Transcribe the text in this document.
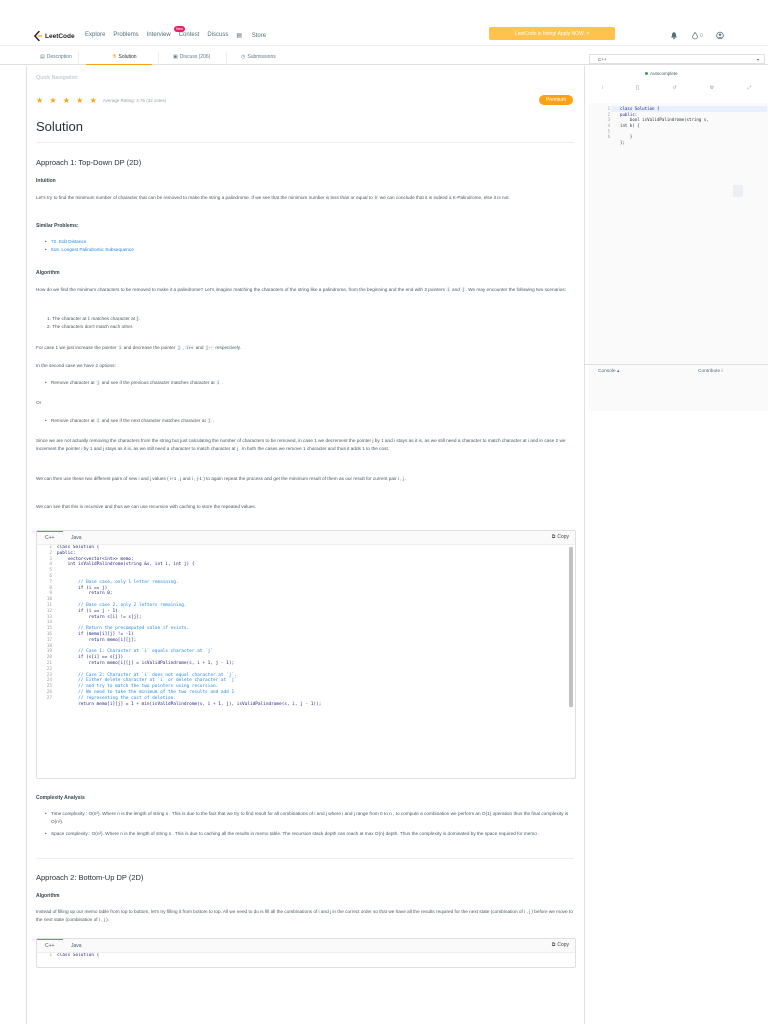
LeetCode Explore Problems Interview Contest Discuss ▤ Store
New
LeetCode is hiring! Apply NOW.
×	0
▤ Description	⚗ Solution	▣ Discuss (206)	◷ Submissions
Quick Navigation
★ ★ ★ ★ ★ Average Rating: 4.76 (32 votes)	Premium
Solution
Approach 1: Top-Down DP (2D)
Intuition
Let's try to find the minimum number of character that can be removed to make the string a palindrome. If we see that the minimum number is less than or equal to k we can conclude that it is indeed a K-Palindrome, else it is not.
Similar Problems:
• 72. Edit Distance
• 516. Longest Palindromic Subsequence
Algorithm
How do we find the minimum characters to be removed to make it a palindrome? Let's imagine matching the characters of the string like a palindrome, from the beginning and the end with 2 pointers i and j. We may encounter the following two scenarios:
1. The character at i matches character at j.
2. The characters don't match each other.
For case 1 we just increase the pointer i and decrease the pointer j , i++ and j-- respectively.
In the second case we have 2 options:
• Remove character at j and see if the previous character matches character at i .
Or
• Remove character at i and see if the next character matches character at j .
Since we are not actually removing the characters from the string but just calculating the number of characters to be removed, in case 1 we decrement the pointer j by 1 and i stays as it is, as we still need a character to match character at i and in case 2 we increment the pointer i by 1 and j stays as it is, as we still need a character to match character at j . In both the cases we remove 1 character and thus it adds 1 to the cost.
We can then use these two different pairs of new i and j values ( i+1 , j and i , j-1 ) to again repeat the process and get the minimum result of them as our result for current pair i , j .
We can see that this is recursive and thus we can use recursion with caching to store the repeated values.
C++	Java	⧉ Copy
1
2
3
4
5
6
7
8
9
10
11
12
13
14
15
16
17
18
19
20
21
22
23
24
25
26
27
class Solution {
public:
vector<vector<int>> memo;
int isValidPalindrome(string &s, int i, int j) {
// Base case, only 1 letter remaining.
if (i == j)
return 0;
// Base case 2, only 2 letters remaining.
if (i == j - 1)
return s[i] != s[j];
// Return the precomputed value if exists.
if (memo[i][j] != -1)
return memo[i][j];
// Case 1: Character at `i` equals character at `j`
if (s[i] == s[j])
return memo[i][j] = isValidPalindrome(s, i + 1, j - 1);
// Case 2: Character at `i` does not equal character at `j`.
// Either delete character at `i` or delete character at `j`
// and try to match the two pointers using recursion.
// We need to take the minimum of the two results and add 1
// representing the cost of deletion.
return memo[i][j] = 1 + min(isValidPalindrome(s, i + 1, j), isValidPalindrome(s, i, j - 1));
Complexity Analysis
• Time complexity : O(n²). Where n is the length of string s . This is due to the fact that we try to find result for all combinations of i and j where i and j range from 0 to n , to compute a combination we perform an O(1) operation thus the final complexity is O(n²).
• Space complexity : O(n²). Where n is the length of string s . This is due to caching all the results in memo table. The recursion stack depth can reach at max O(n) depth. Thus the complexity is dominated by the space required for memo .
Approach 2: Bottom-Up DP (2D)
Algorithm
Instead of filling up our memo table from top to bottom, let's try filling it from bottom to top. All we need to do is fill all the combinations of i and j in the correct order so that we have all the results required for the next state (combination of i , j ) before we move to the next state (combination of i , j ).
C++	Java	⧉ Copy
1 class Solution {
C++	▾
Autocomplete
i	{}	↺	⚙	⤢
1
2
3
4
5
6
class Solution {
public:
bool isValidPalindrome(string s,
int k) {
}
};
Console ▴	Contribute i
